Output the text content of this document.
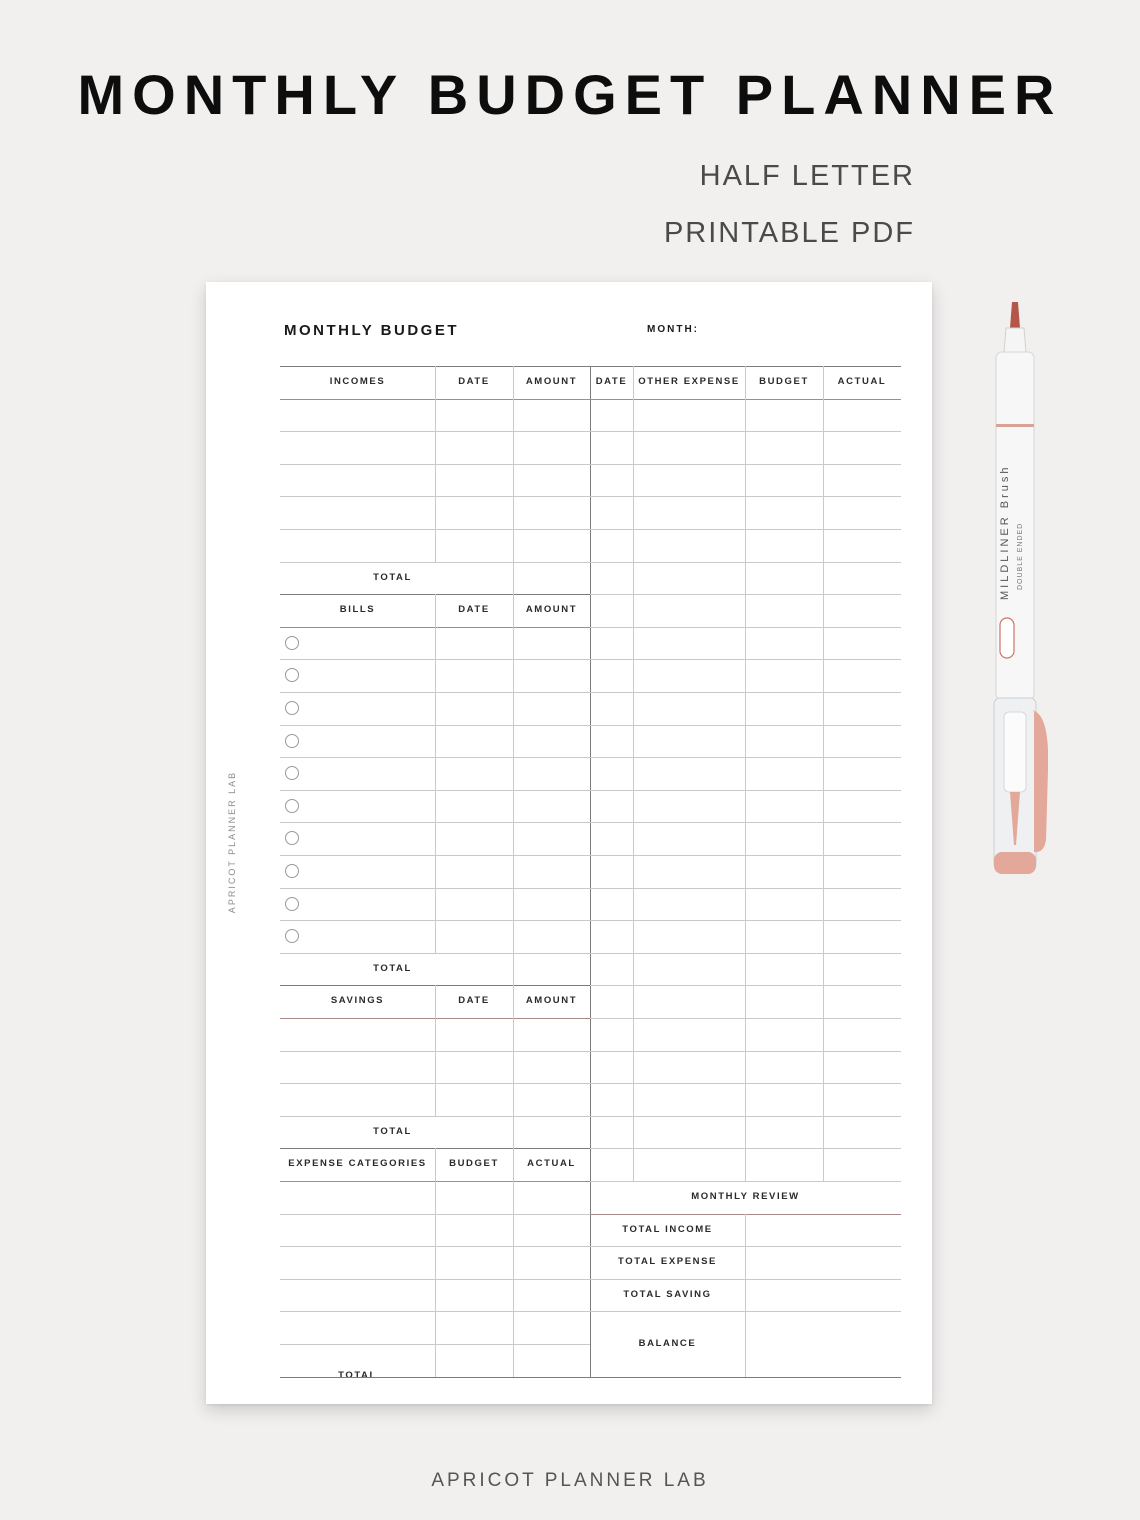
MONTHLY BUDGET PLANNER
HALF LETTER
PRINTABLE PDF
MONTHLY BUDGET	MONTH:
APRICOT PLANNER LAB
INCOMES	DATE	AMOUNT
TOTAL
BILLS	DATE	AMOUNT
TOTAL
SAVINGS	DATE	AMOUNT
TOTAL
EXPENSE CATEGORIES	BUDGET	ACTUAL
TOTAL
DATE	OTHER EXPENSE	BUDGET	ACTUAL
MONTHLY REVIEW
TOTAL INCOME
TOTAL EXPENSE
TOTAL SAVING
BALANCE
APRICOT PLANNER LAB
MILDLINER Brush DOUBLE ENDED
